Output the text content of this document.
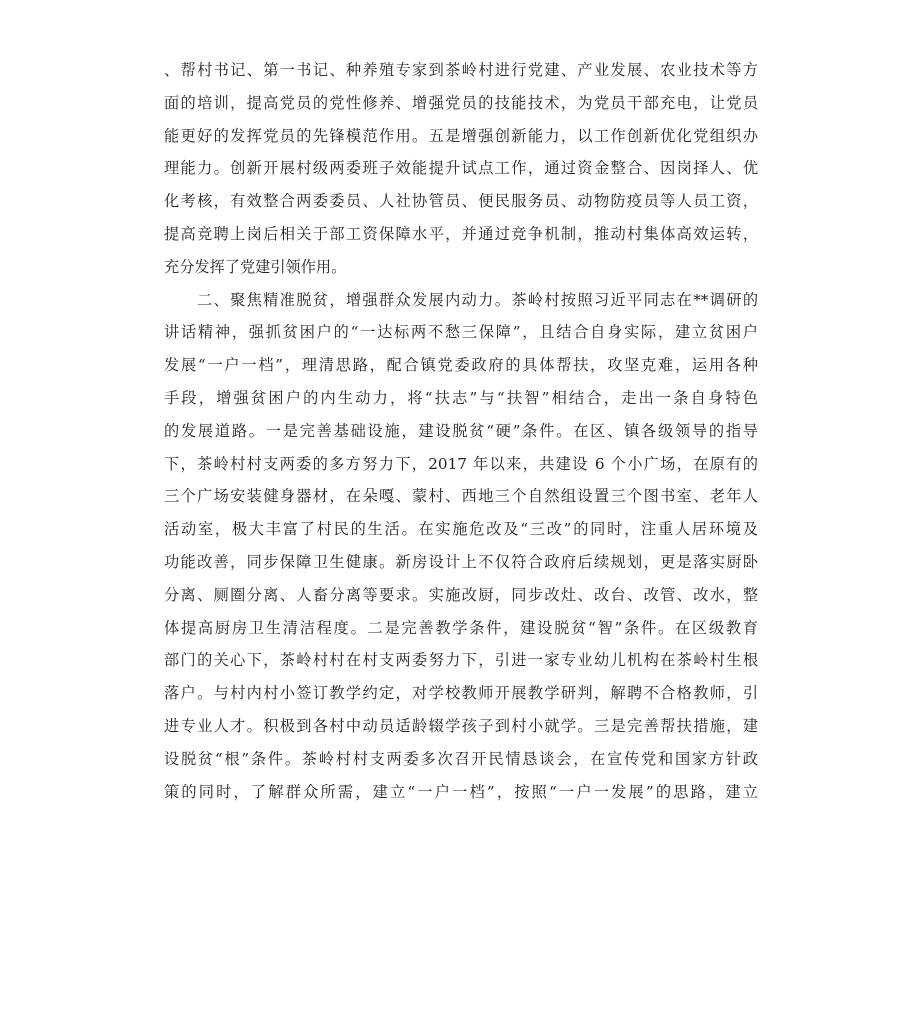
、帮村书记、第一书记、种养殖专家到茶岭村进行党建、产业发展、农业技术等方
面的培训，提高党员的党性修养、增强党员的技能技术，为党员干部充电，让党员
能更好的发挥党员的先锋模范作用。五是增强创新能力，以工作创新优化党组织办
理能力。创新开展村级两委班子效能提升试点工作，通过资金整合、因岗择人、优
化考核，有效整合两委委员、人社协管员、便民服务员、动物防疫员等人员工资，
提高竞聘上岗后相关于部工资保障水平，并通过竞争机制，推动村集体高效运转，
充分发挥了党建引领作用。
二、聚焦精准脱贫，增强群众发展内动力。茶岭村按照习近平同志在**调研的
讲话精神，强抓贫困户的“一达标两不愁三保障”，且结合自身实际，建立贫困户
发展“一户一档”，理清思路，配合镇党委政府的具体帮扶，攻坚克难，运用各种
手段，增强贫困户的内生动力，将“扶志”与“扶智”相结合，走出一条自身特色
的发展道路。一是完善基础设施，建设脱贫“硬”条件。在区、镇各级领导的指导
下，茶岭村村支两委的多方努力下，2017 年以来，共建设 6 个小广场，在原有的
三个广场安装健身器材，在朵嘎、蒙村、西地三个自然组设置三个图书室、老年人
活动室，极大丰富了村民的生活。在实施危改及“三改”的同时，注重人居环境及
功能改善，同步保障卫生健康。新房设计上不仅符合政府后续规划，更是落实厨卧
分离、厕圈分离、人畜分离等要求。实施改厨，同步改灶、改台、改管、改水，整
体提高厨房卫生清洁程度。二是完善教学条件，建设脱贫“智”条件。在区级教育
部门的关心下，茶岭村村在村支两委努力下，引进一家专业幼儿机构在茶岭村生根
落户。与村内村小签订教学约定，对学校教师开展教学研判，解聘不合格教师，引
进专业人才。积极到各村中动员适龄辍学孩子到村小就学。三是完善帮扶措施，建
设脱贫“根”条件。茶岭村村支两委多次召开民情恳谈会，在宣传党和国家方针政
策的同时，了解群众所需，建立“一户一档”，按照“一户一发展”的思路，建立
